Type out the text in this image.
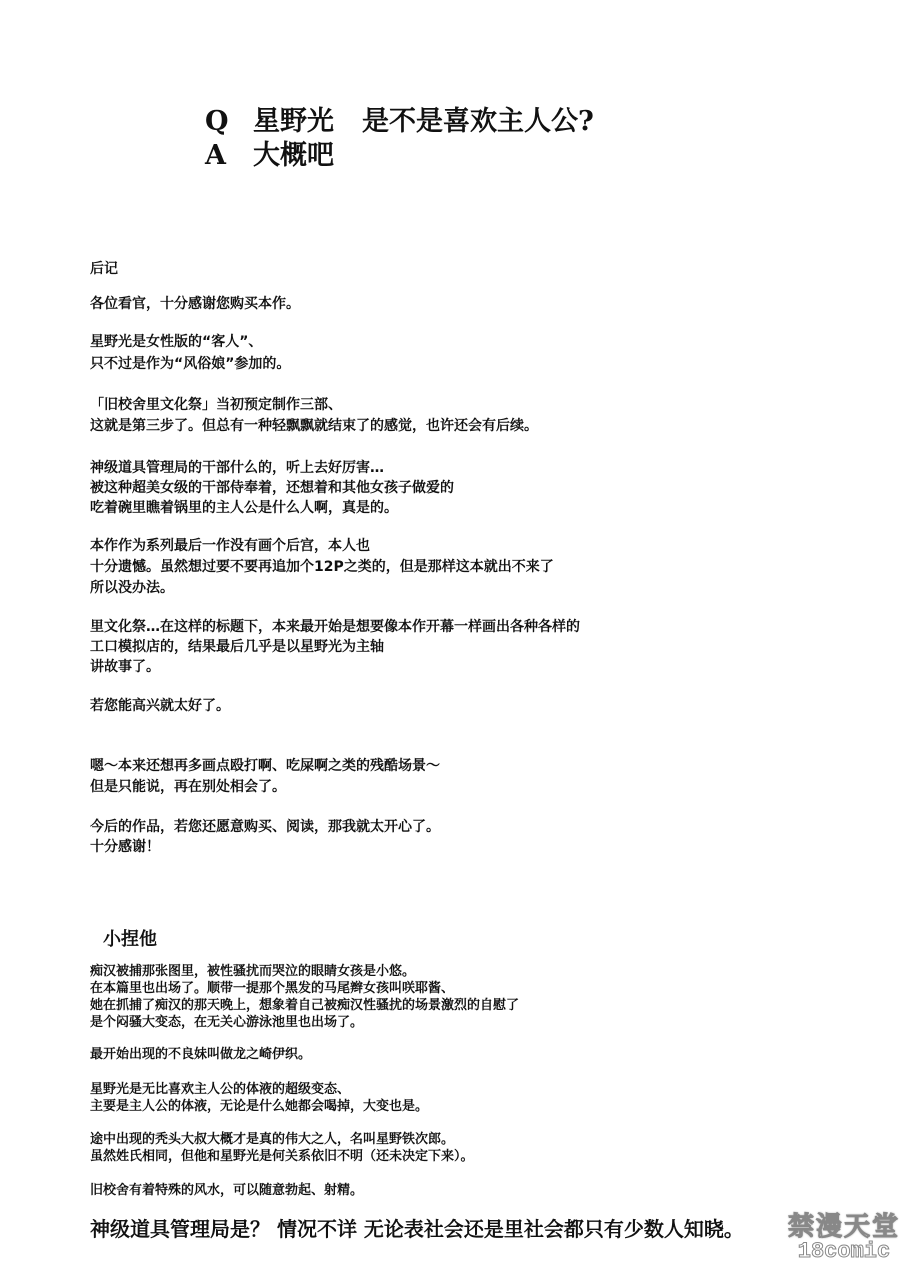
Q 星野光 是不是喜欢主人公?
A 大概吧
后记
各位看官，十分感谢您购买本作。
星野光是女性版的“客人”、
只不过是作为“风俗娘”参加的。
「旧校舍里文化祭」当初预定制作三部、
这就是第三步了。但总有一种轻飘飘就结束了的感觉，也许还会有后续。
神级道具管理局的干部什么的，听上去好厉害…
被这种超美女级的干部侍奉着，还想着和其他女孩子做爱的
吃着碗里瞧着锅里的主人公是什么人啊，真是的。
本作作为系列最后一作没有画个后宫，本人也
十分遗憾。虽然想过要不要再追加个12P之类的，但是那样这本就出不来了
所以没办法。
里文化祭…在这样的标题下，本来最开始是想要像本作开幕一样画出各种各样的
工口模拟店的，结果最后几乎是以星野光为主轴
讲故事了。
若您能高兴就太好了。
嗯～本来还想再多画点殴打啊、吃屎啊之类的残酷场景～
但是只能说，再在别处相会了。
今后的作品，若您还愿意购买、阅读，那我就太开心了。
十分感谢！
小捏他
痴汉被捕那张图里，被性骚扰而哭泣的眼睛女孩是小悠。
在本篇里也出场了。顺带一提那个黑发的马尾辫女孩叫咲耶酱、
她在抓捕了痴汉的那天晚上，想象着自己被痴汉性骚扰的场景激烈的自慰了
是个闷骚大变态，在无关心游泳池里也出场了。
最开始出现的不良妹叫做龙之崎伊织。
星野光是无比喜欢主人公的体液的超级变态、
主要是主人公的体液，无论是什么她都会喝掉，大变也是。
途中出现的秃头大叔大概才是真的伟大之人，名叫星野铁次郎。
虽然姓氏相同，但他和星野光是何关系依旧不明（还未决定下来）。
旧校舍有着特殊的风水，可以随意勃起、射精。
神级道具管理局是？ 情况不详 无论表社会还是里社会都只有少数人知晓。 禁漫天堂
18comic
